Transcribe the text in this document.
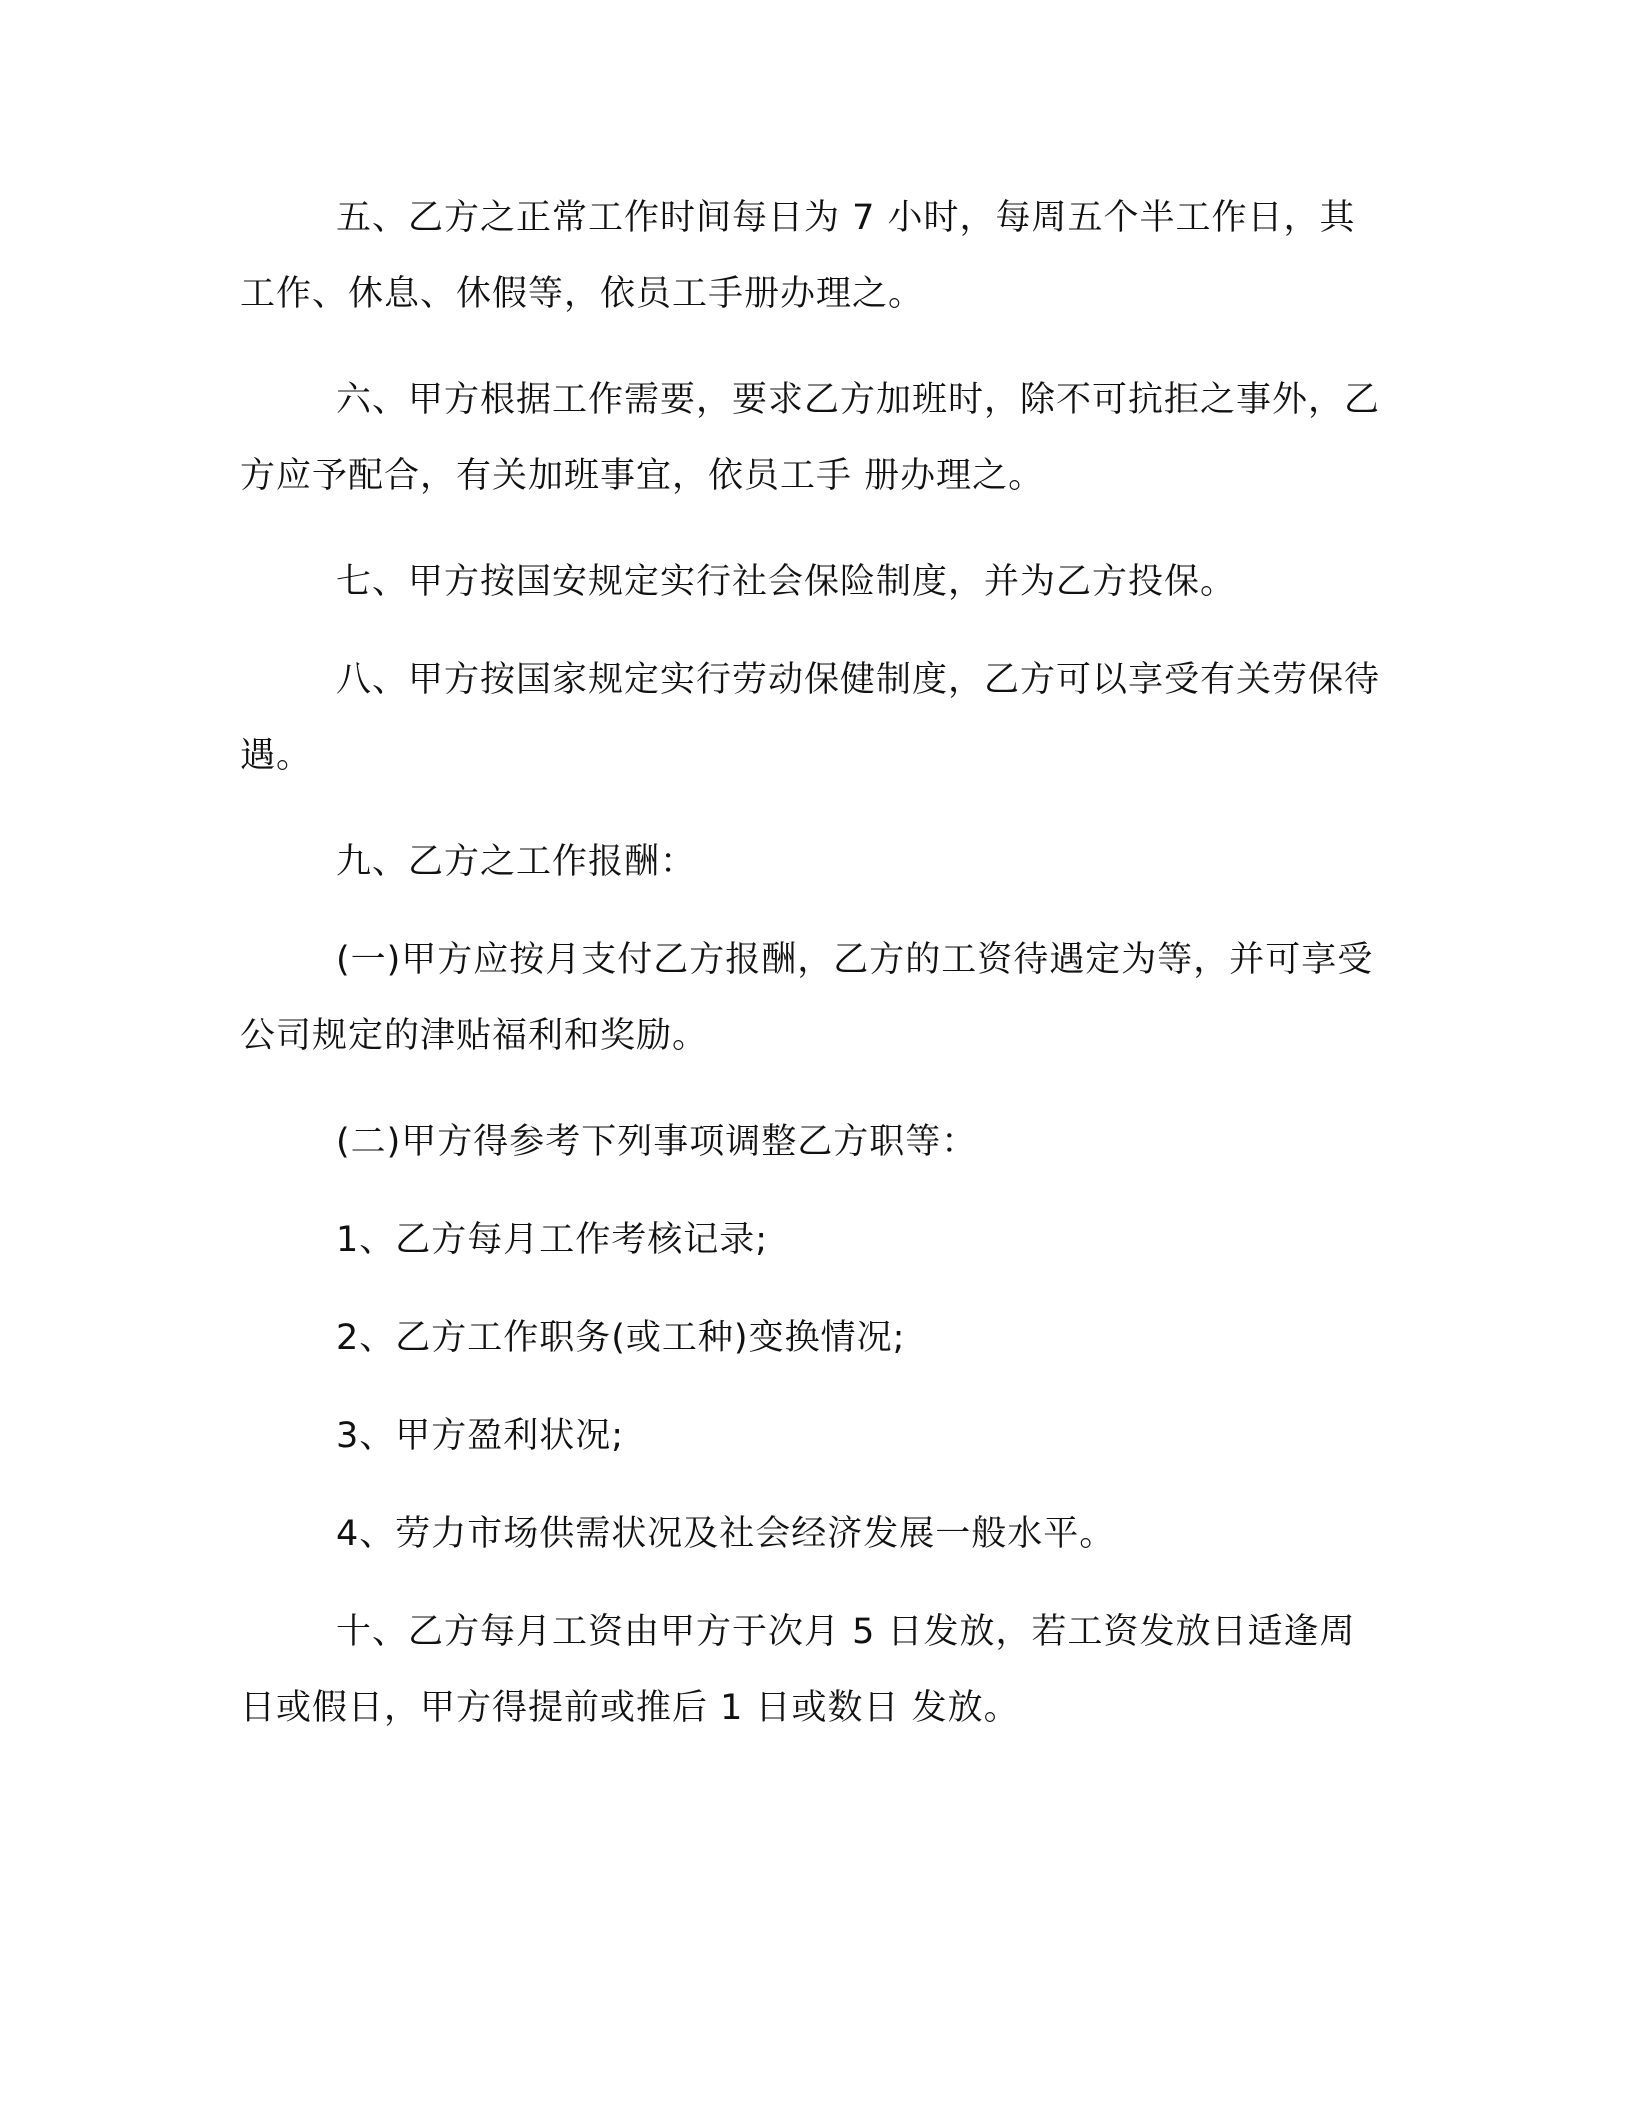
五、乙方之正常工作时间每日为 7 小时，每周五个半工作日，其工作、休息、休假等，依员工手册办理之。

六、甲方根据工作需要，要求乙方加班时，除不可抗拒之事外，乙方应予配合，有关加班事宜，依员工手 册办理之。

七、甲方按国安规定实行社会保险制度，并为乙方投保。

八、甲方按国家规定实行劳动保健制度，乙方可以享受有关劳保待遇。

九、乙方之工作报酬：

(一)甲方应按月支付乙方报酬，乙方的工资待遇定为等，并可享受公司规定的津贴福利和奖励。

(二)甲方得参考下列事项调整乙方职等：

1、乙方每月工作考核记录;

2、乙方工作职务(或工种)变换情况;

3、甲方盈利状况;

4、劳力市场供需状况及社会经济发展一般水平。

十、乙方每月工资由甲方于次月 5 日发放，若工资发放日适逢周日或假日，甲方得提前或推后 1 日或数日 发放。
